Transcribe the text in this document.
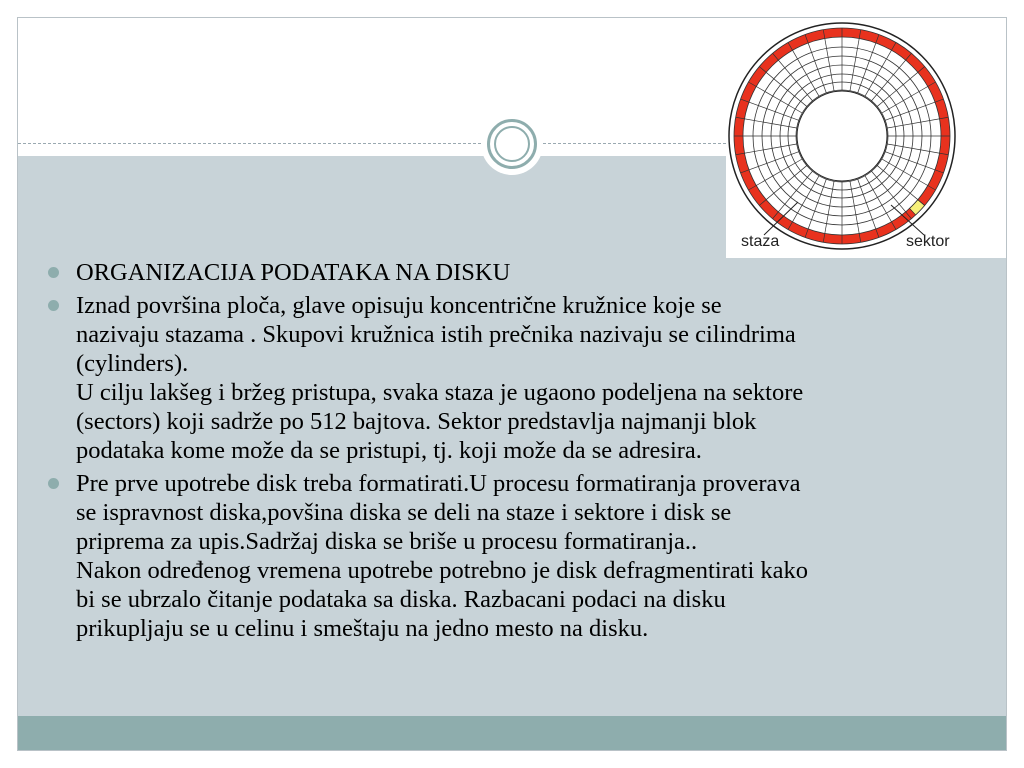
staza	sektor
ORGANIZACIJA PODATAKA NA DISKU
Iznad površina ploča, glave opisuju koncentrične kružnice koje se
nazivaju stazama . Skupovi kružnica istih prečnika nazivaju se cilindrima
(cylinders).
U cilju lakšeg i bržeg pristupa, svaka staza je ugaono podeljena na sektore
(sectors) koji sadrže po 512 bajtova. Sektor predstavlja najmanji blok
podataka kome može da se pristupi, tj. koji može da se adresira.
Pre prve upotrebe disk treba formatirati.U procesu formatiranja proverava
se ispravnost diska,povšina diska se deli na staze i sektore i disk se
priprema za upis.Sadržaj diska se briše u procesu formatiranja..
Nakon određenog vremena upotrebe potrebno je disk defragmentirati kako
bi se ubrzalo čitanje podataka sa diska. Razbacani podaci na disku
prikupljaju se u celinu i smeštaju na jedno mesto na disku.
